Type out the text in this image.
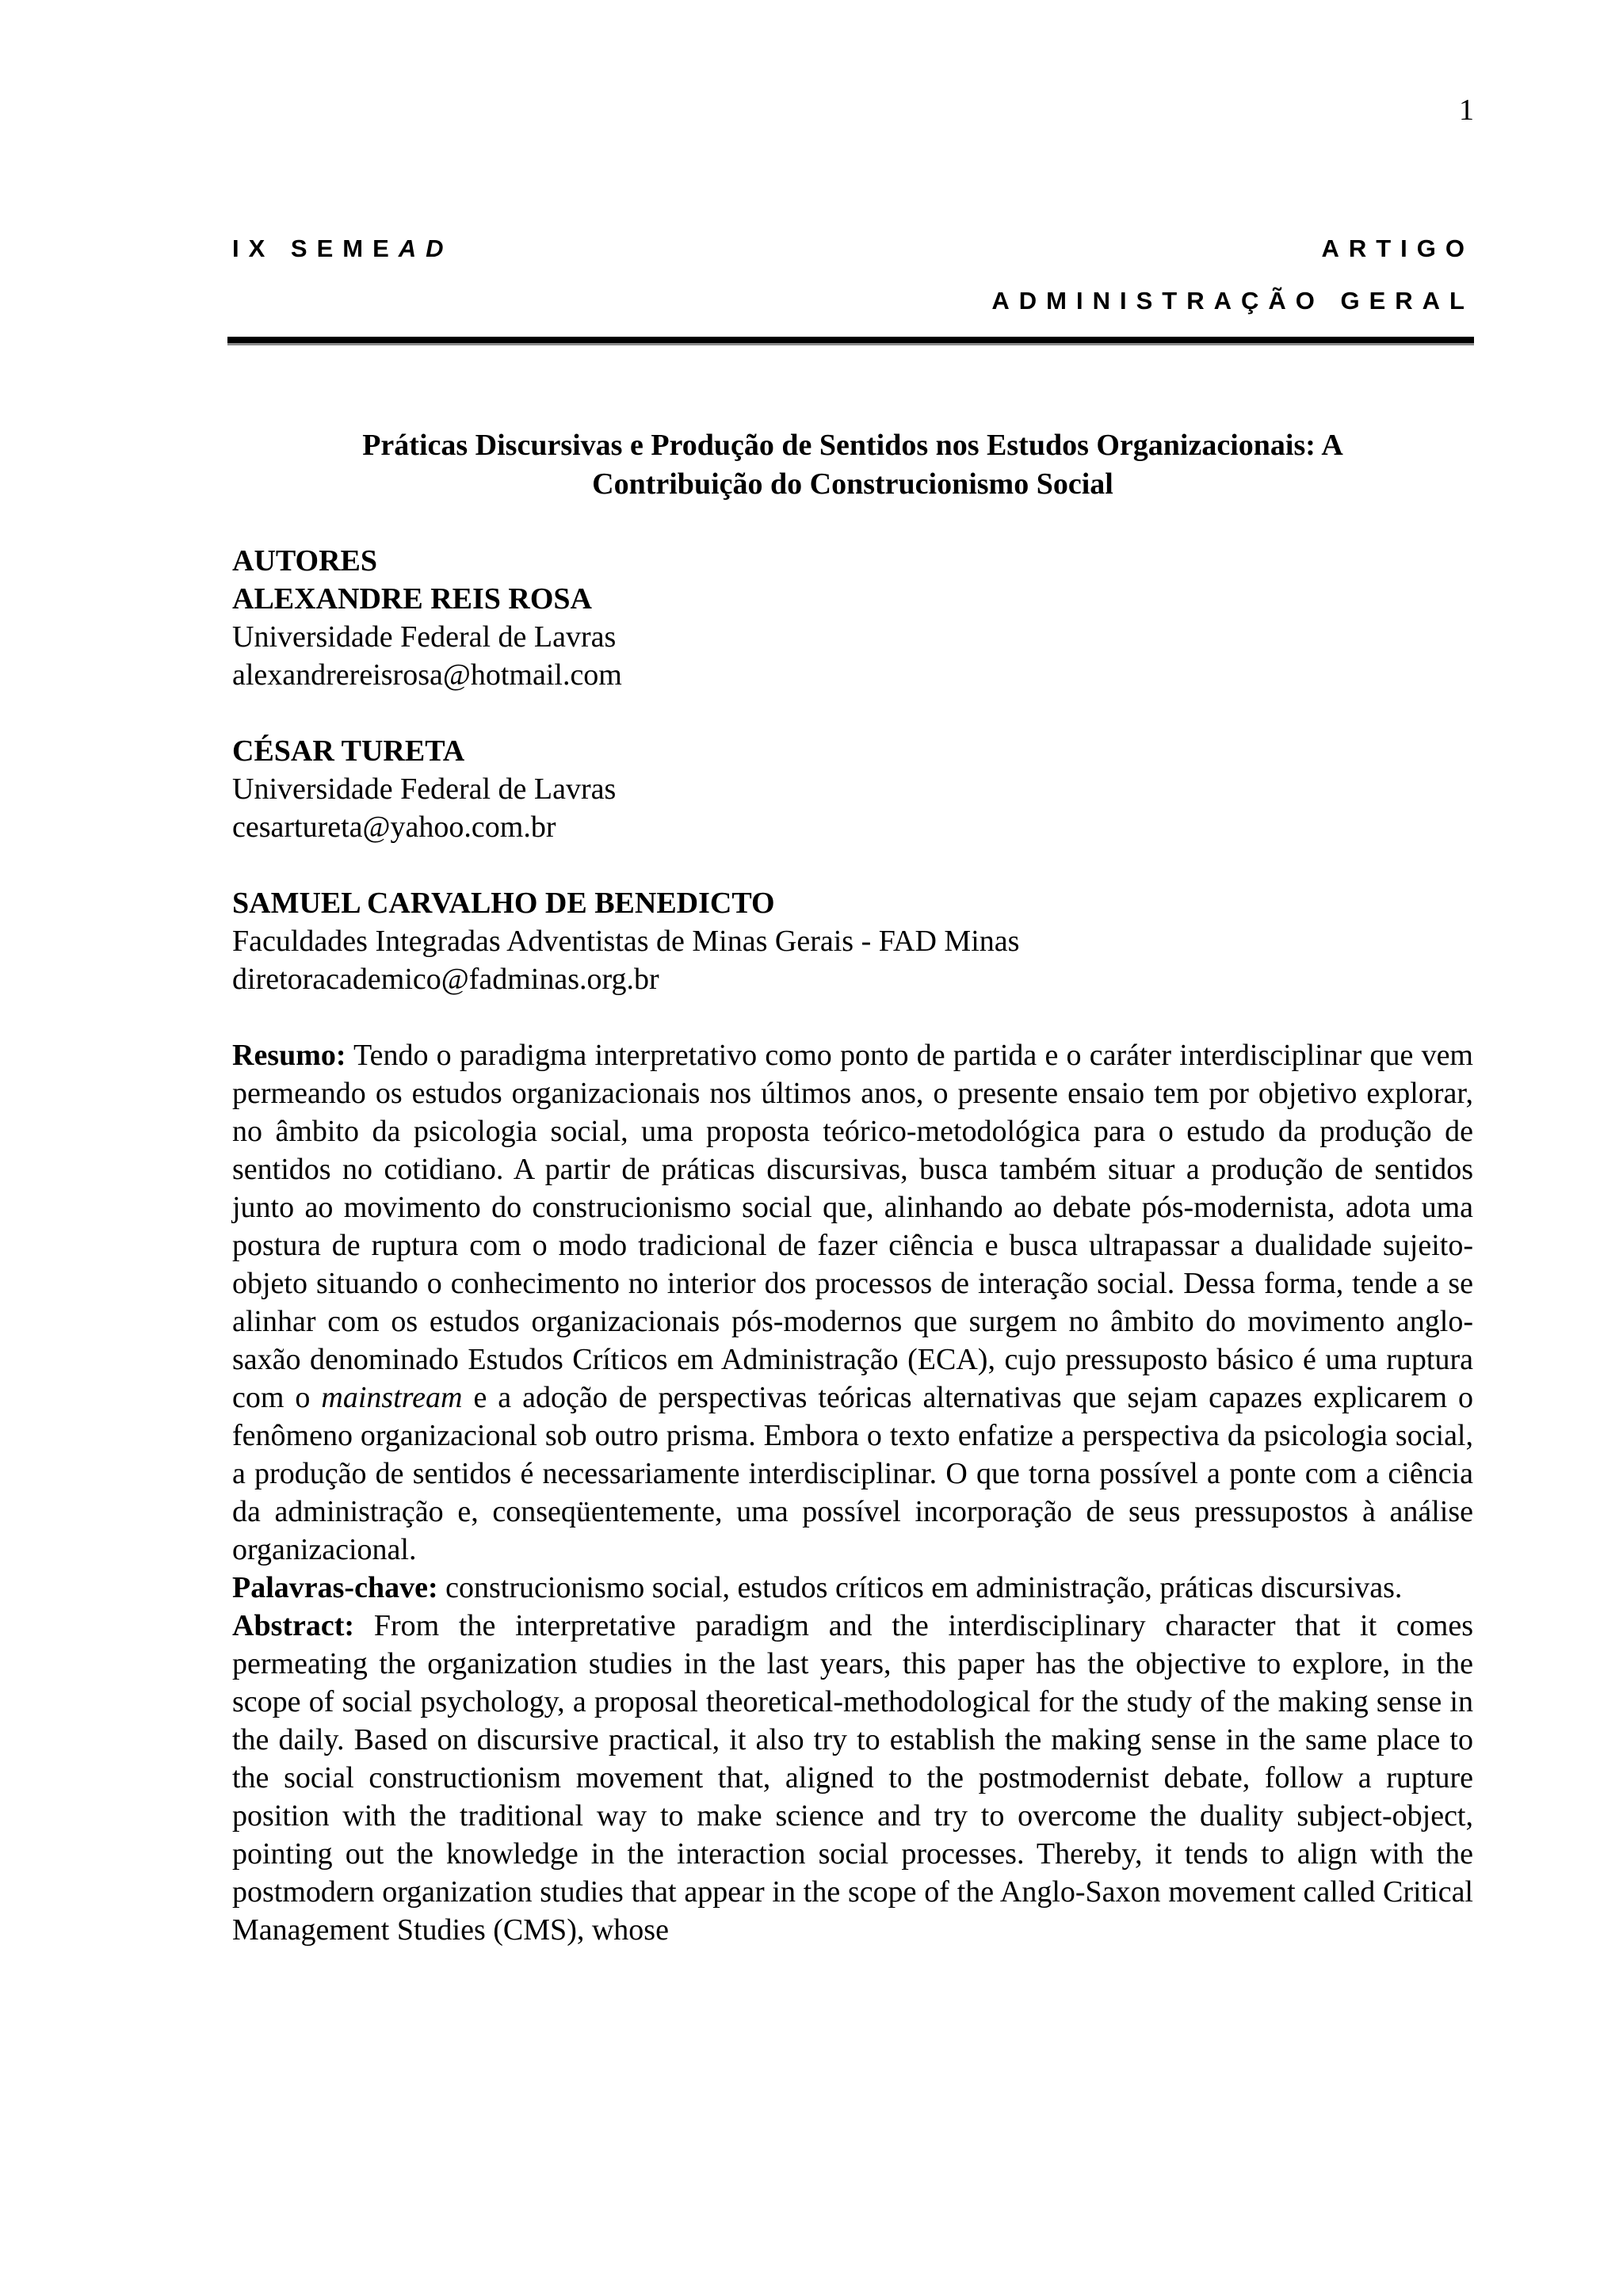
1
IX SEMEAD	ARTIGO
ADMINISTRAÇÃO GERAL
Práticas Discursivas e Produção de Sentidos nos Estudos Organizacionais: A
Contribuição do Construcionismo Social

AUTORES

ALEXANDRE REIS ROSA

Universidade Federal de Lavras

alexandrereisrosa@hotmail.com

CÉSAR TURETA

Universidade Federal de Lavras

cesartureta@yahoo.com.br

SAMUEL CARVALHO DE BENEDICTO

Faculdades Integradas Adventistas de Minas Gerais - FAD Minas

diretoracademico@fadminas.org.br

Resumo: Tendo o paradigma interpretativo como ponto de partida e o caráter interdisciplinar que vem permeando os estudos organizacionais nos últimos anos, o presente ensaio tem por objetivo explorar, no âmbito da psicologia social, uma proposta teórico-metodológica para o estudo da produção de sentidos no cotidiano. A partir de práticas discursivas, busca também situar a produção de sentidos junto ao movimento do construcionismo social que, alinhando ao debate pós-modernista, adota uma postura de ruptura com o modo tradicional de fazer ciência e busca ultrapassar a dualidade sujeito-objeto situando o conhecimento no interior dos processos de interação social. Dessa forma, tende a se alinhar com os estudos organizacionais pós-modernos que surgem no âmbito do movimento anglo-saxão denominado Estudos Críticos em Administração (ECA), cujo pressuposto básico é uma ruptura com o mainstream e a adoção de perspectivas teóricas alternativas que sejam capazes explicarem o fenômeno organizacional sob outro prisma. Embora o texto enfatize a perspectiva da psicologia social, a produção de sentidos é necessariamente interdisciplinar. O que torna possível a ponte com a ciência da administração e, conseqüentemente, uma possível incorporação de seus pressupostos à análise organizacional.

Palavras-chave: construcionismo social, estudos críticos em administração, práticas discursivas.

Abstract: From the interpretative paradigm and the interdisciplinary character that it comes permeating the organization studies in the last years, this paper has the objective to explore, in the scope of social psychology, a proposal theoretical-methodological for the study of the making sense in the daily. Based on discursive practical, it also try to establish the making sense in the same place to the social constructionism movement that, aligned to the postmodernist debate, follow a rupture position with the traditional way to make science and try to overcome the duality subject-object, pointing out the knowledge in the interaction social processes. Thereby, it tends to align with the postmodern organization studies that appear in the scope of the Anglo-Saxon movement called Critical Management Studies (CMS), whose
